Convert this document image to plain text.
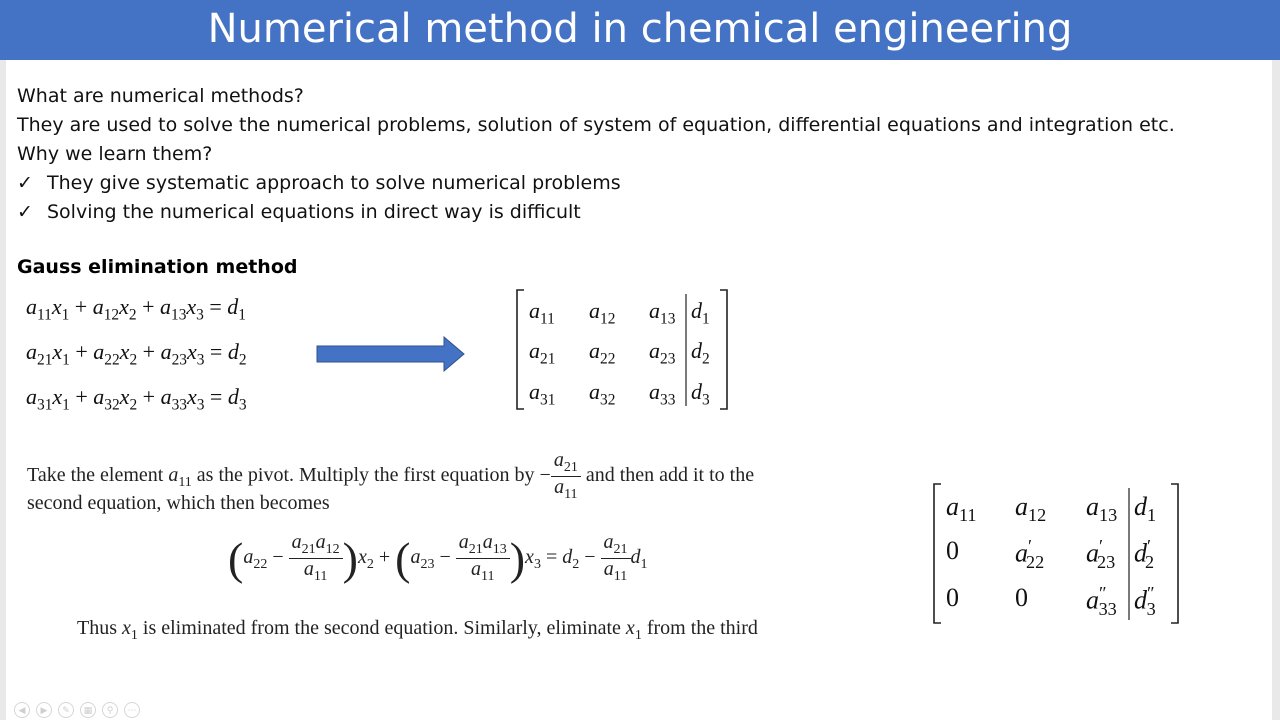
Numerical method in chemical engineering
What are numerical methods?
They are used to solve the numerical problems, solution of system of equation, differential equations and integration etc.
Why we learn them?
✓ They give systematic approach to solve numerical problems
✓ Solving the numerical equations in direct way is difficult
Gauss elimination method
$a_{11}x_1 + a_{12}x_2 + a_{13}x_3 = d_1$
$a_{21}x_1 + a_{22}x_2 + a_{23}x_3 = d_2$
$a_{31}x_1 + a_{32}x_2 + a_{33}x_3 = d_3$
$a_{11}$ $a_{12}$ $a_{13}$ $d_1$
$a_{21}$ $a_{22}$ $a_{23}$ $d_2$
$a_{31}$ $a_{32}$ $a_{33}$ $d_3$
Take the element $a_{11}$ as the pivot. Multiply the first equation by − $\frac{a_{21}}{a_{11}}$ and then add it to the
second equation, which then becomes
$(a_{22} - \frac{a_{21}a_{12}}{a_{11}} )x_2 + (a_{23} - \frac{a_{21}a_{13}}{a_{11}} )x_3 = d_2 - \frac{a_{21}}{a_{11}} d_1$
Thus $x_1$ is eliminated from the second equation. Similarly, eliminate $x_1$ from the third
$a_{11}$ $a_{12}$ $a_{13}$ $d_1$
0 $a'_{22}$ $a'_{23}$ $d'_2$
0 0 $a''_{33}$ $d''_3$
◀	▶	✎	▦	⚲	⋯
